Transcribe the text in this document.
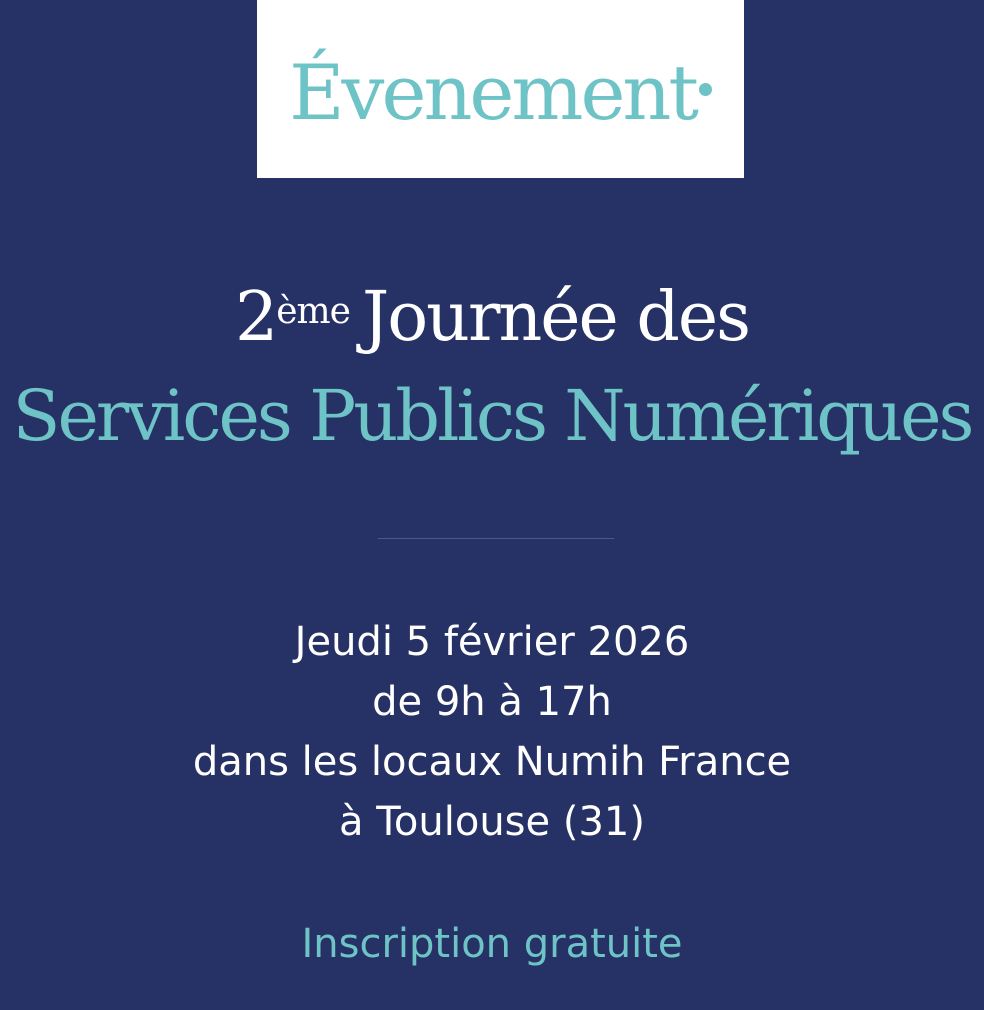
Évenement
2ème Journée des
Services Publics Numériques
Jeudi 5 février 2026
de 9h à 17h
dans les locaux Numih France
à Toulouse (31)
Inscription gratuite
